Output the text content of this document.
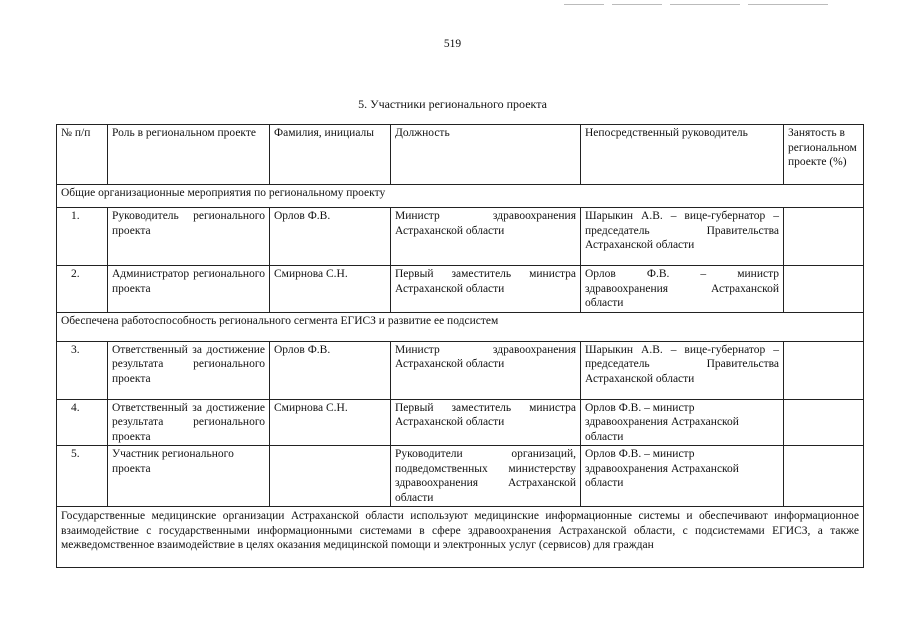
519
5. Участники регионального проекта
№ п/п	Роль в региональном проекте	Фамилия, инициалы	Должность	Непосредственный руководитель	Занятость в региональном проекте (%)
Общие организационные мероприятия по региональному проекту					
1.	Руководитель регионального проекта	Орлов Ф.В.	Министр здравоохранения Астраханской области	Шарыкин А.В. – вице-губернатор – председатель Правительства Астраханской области	
2.	Администратор регионального проекта	Смирнова С.Н.	Первый заместитель министра Астраханской области	Орлов Ф.В. – министр здравоохранения Астраханской области	
Обеспечена работоспособность регионального сегмента ЕГИСЗ и развитие ее подсистем					
3.	Ответственный за достижение результата регионального проекта	Орлов Ф.В.	Министр здравоохранения Астраханской области	Шарыкин А.В. – вице-губернатор – председатель Правительства Астраханской области	
4.	Ответственный за достижение результата регионального проекта	Смирнова С.Н.	Первый заместитель министра Астраханской области	Орлов Ф.В. – министр здравоохранения Астраханской области	
5.	Участник регионального проекта		Руководители организаций, подведомственных министерству здравоохранения Астраханской области	Орлов Ф.В. – министр здравоохранения Астраханской области	
Государственные медицинские организации Астраханской области используют медицинские информационные системы и обеспечивают информационное взаимодействие с государственными информационными системами в сфере здравоохранения Астраханской области, с подсистемами ЕГИСЗ, а также межведомственное взаимодействие в целях оказания медицинской помощи и электронных услуг (сервисов) для граждан					
